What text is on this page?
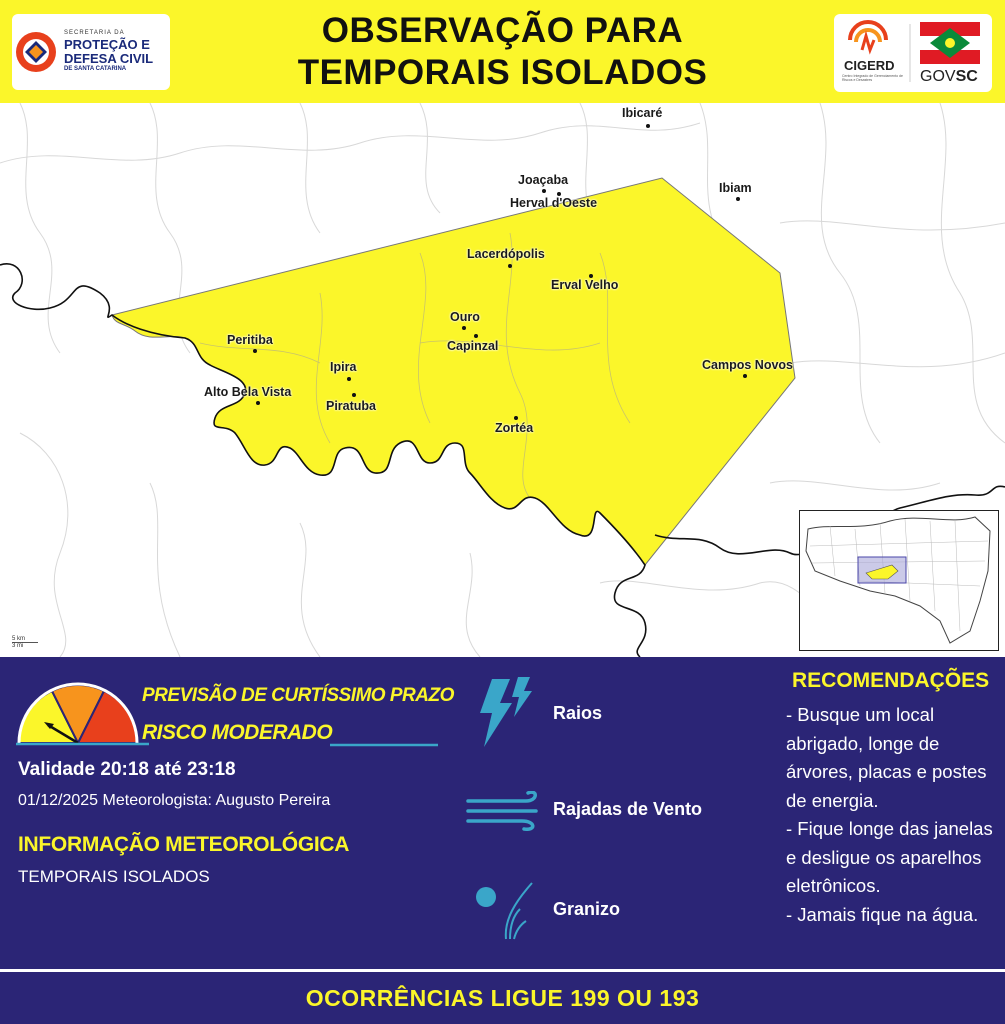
SECRETARIA DA
PROTEÇÃO E
DEFESA CIVIL
DE SANTA CATARINA
OBSERVAÇÃO PARA
TEMPORAIS ISOLADOS	CIGERD
Centro Integrado de Gerenciamento de Riscos e Desastres	GOVSC
Ibicaré
Joaçaba
Herval d'Oeste
Ibiam
Lacerdópolis
Erval Velho
Ouro
Capinzal
Peritiba
Ipira
Alto Bela Vista
Piratuba
Zortéa
Campos Novos
5 km
3 mi
PREVISÃO DE CURTÍSSIMO PRAZO
RISCO MODERADO
Validade 20:18 até 23:18
01/12/2025 Meteorologista: Augusto Pereira
INFORMAÇÃO METEOROLÓGICA
TEMPORAIS ISOLADOS
Raios
Rajadas de Vento
Granizo
RECOMENDAÇÕES
- Busque um local abrigado, longe de árvores, placas e postes de energia.
- Fique longe das janelas e desligue os aparelhos eletrônicos.
- Jamais fique na água.
OCORRÊNCIAS LIGUE 199 OU 193
